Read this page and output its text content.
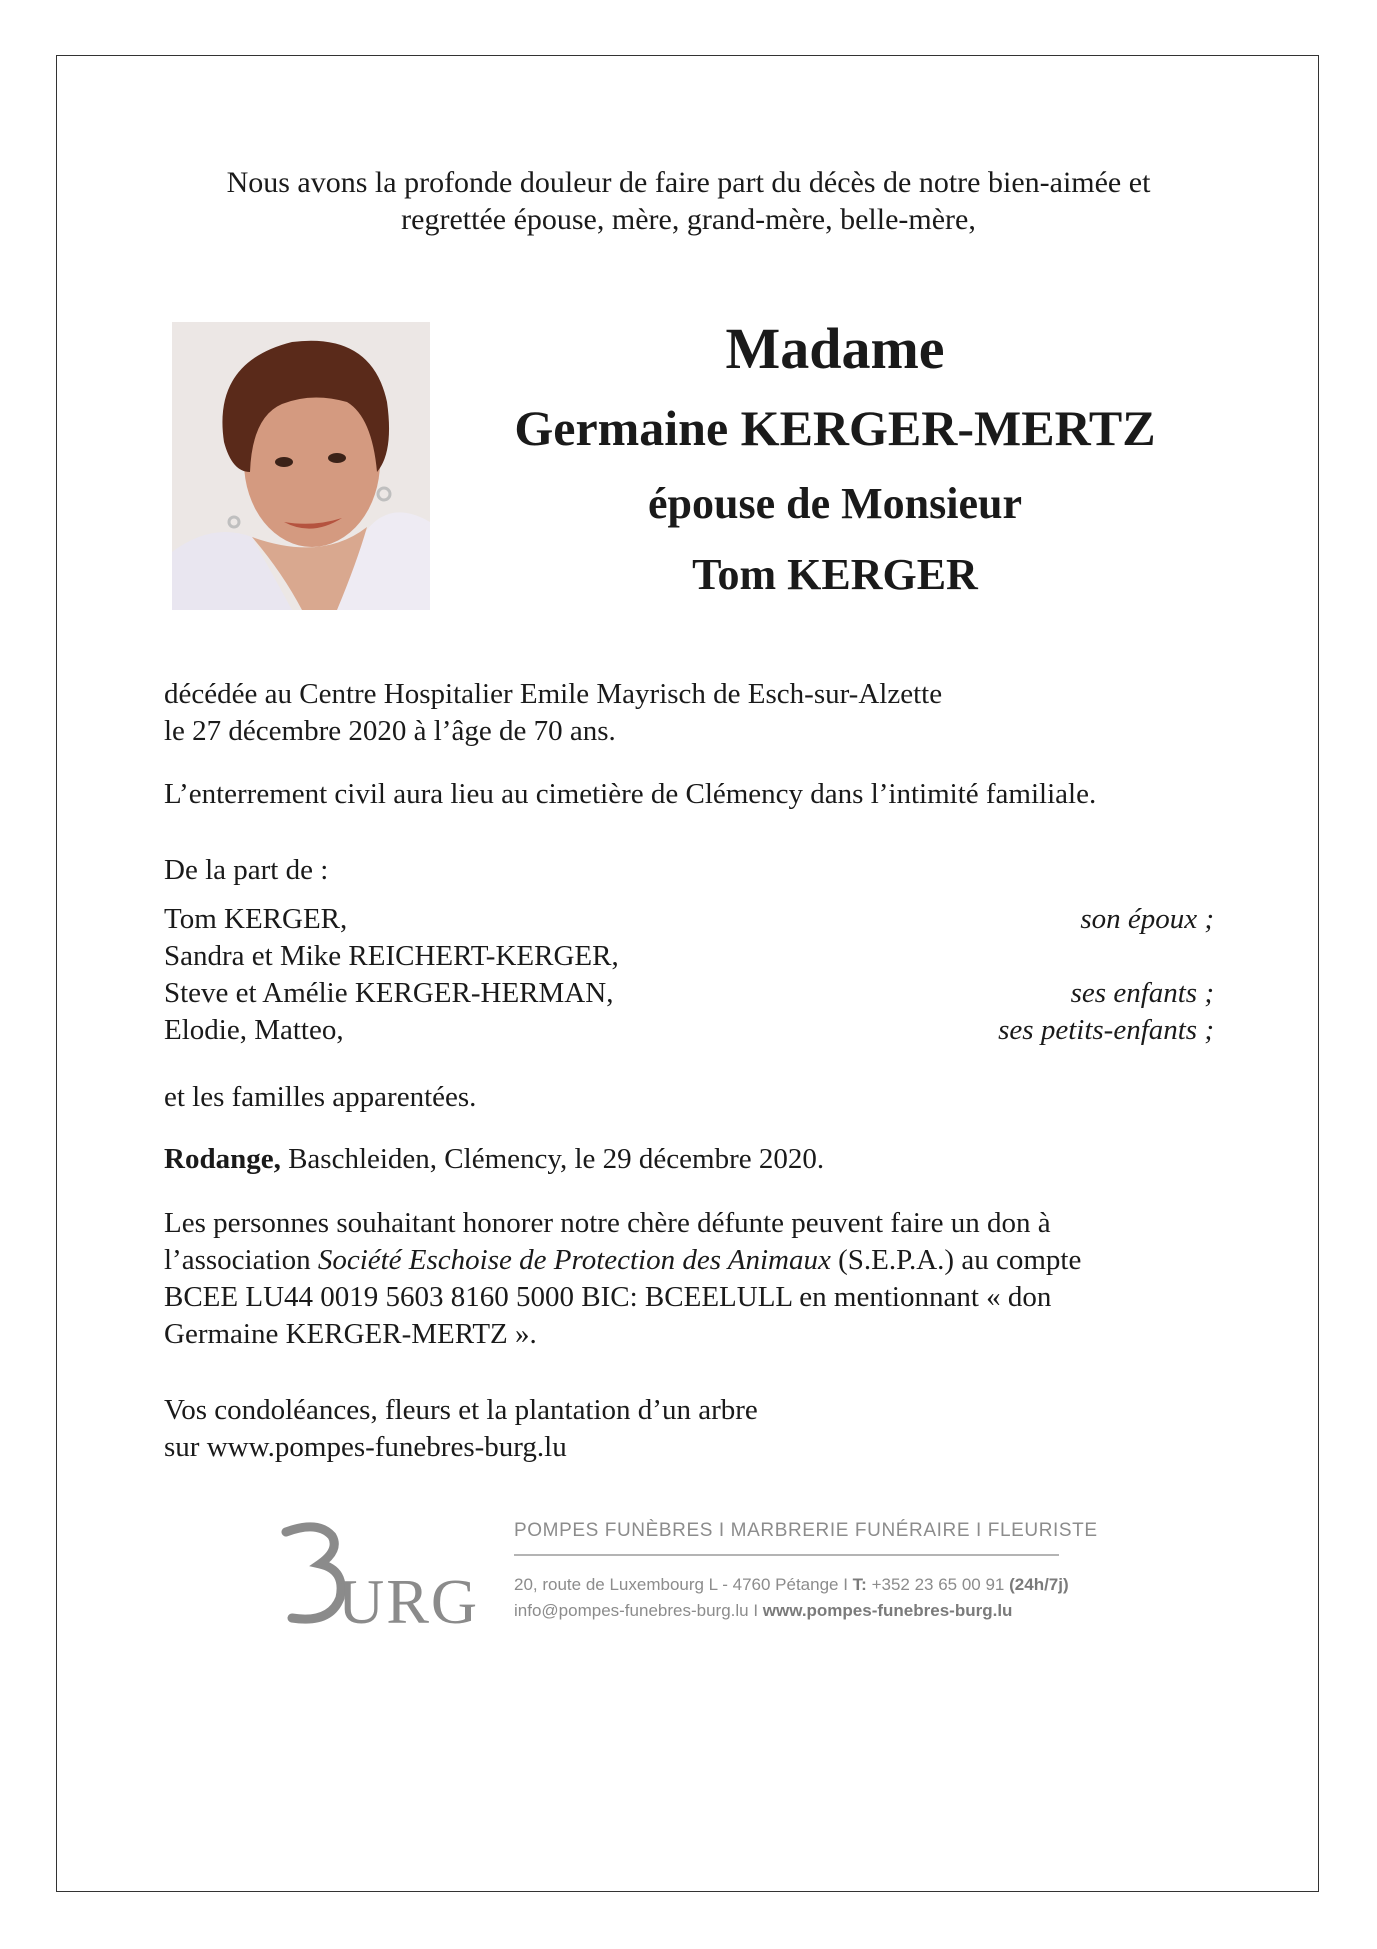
Nous avons la profonde douleur de faire part du décès de notre bien-aimée et
regrettée épouse, mère, grand-mère, belle-mère,
Madame
Germaine KERGER-MERTZ
épouse de Monsieur
Tom KERGER
décédée au Centre Hospitalier Emile Mayrisch de Esch-sur-Alzette
le 27 décembre 2020 à l’âge de 70 ans.
L’enterrement civil aura lieu au cimetière de Clémency dans l’intimité familiale.
De la part de :
Tom KERGER,	son époux ;
Sandra et Mike REICHERT-KERGER,
Steve et Amélie KERGER-HERMAN,	ses enfants ;
Elodie, Matteo,	ses petits-enfants ;
et les familles apparentées.
Rodange, Baschleiden, Clémency, le 29 décembre 2020.
Les personnes souhaitant honorer notre chère défunte peuvent faire un don à
l’association Société Eschoise de Protection des Animaux (S.E.P.A.) au compte
BCEE LU44 0019 5603 8160 5000 BIC: BCEELULL en mentionnant « don
Germaine KERGER-MERTZ ».
Vos condoléances, fleurs et la plantation d’un arbre
sur www.pompes-funebres-burg.lu
URG
POMPES FUNÈBRES I MARBRERIE FUNÉRAIRE I FLEURISTE
20, route de Luxembourg L - 4760 Pétange I T: +352 23 65 00 91 (24h/7j)
info@pompes-funebres-burg.lu I www.pompes-funebres-burg.lu
